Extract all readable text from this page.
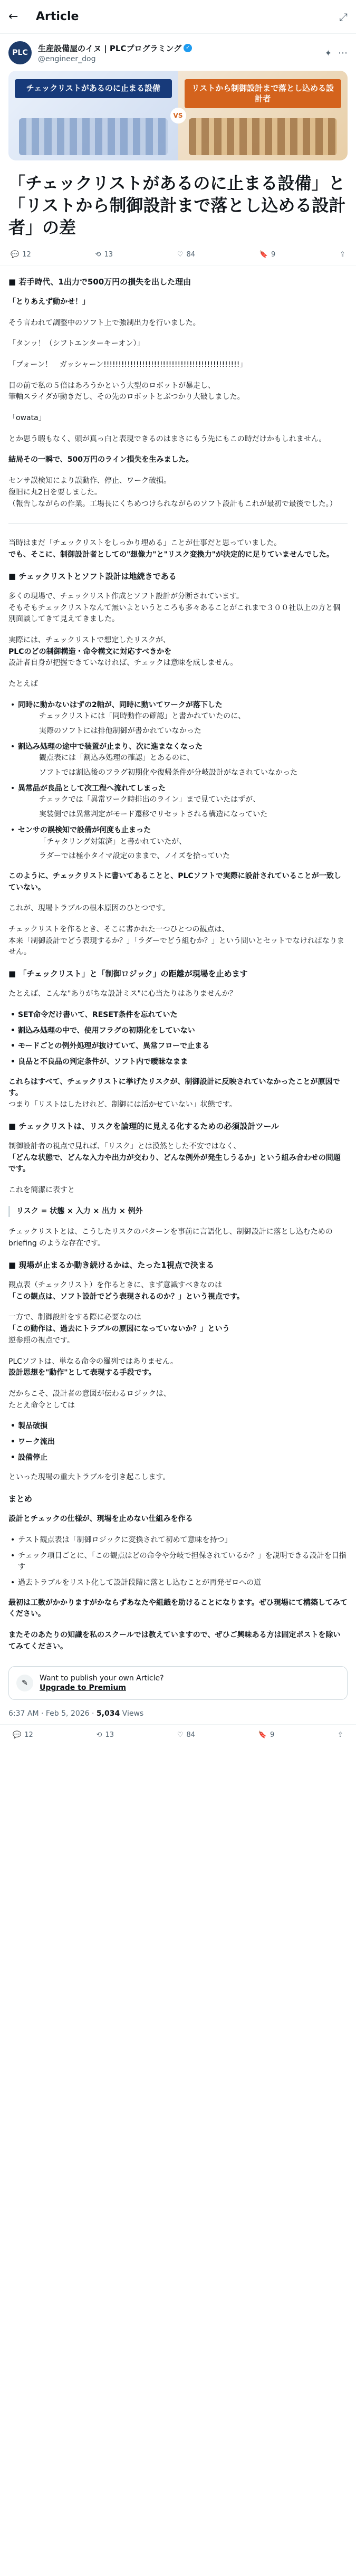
←	Article	⤢
PLC	生産設備屋のイヌ | PLCプログラミング ✓
@engineer_dog
✦ ⋯
チェックリストがあるのに止まる設備	リストから制御設計まで落とし込める設計者
VS
「チェックリストがあるのに止まる設備」と「リストから制御設計まで落とし込める設計者」の差
💬 12	⟲ 13	♡ 84	🔖 9	⇪
■ 若手時代、1出力で500万円の損失を出した理由

「とりあえず動かせ！」

そう言われて調整中のソフト上で強制出力を行いました。

「タンッ！（シフトエンターキーオン）」

「ブォーン！　ガッシャーン!!!!!!!!!!!!!!!!!!!!!!!!!!!!!!!!!!!!!!!!!!!!!!」

目の前で私の５倍はあろうかという大型のロボットが暴走し、
筆軸スライダが動きだし、その先のロボットとぶつかり大破しました。

「owata」

とか思う暇もなく、頭が真っ白と表現できるのはまさにもう先にもこの時だけかもしれません。

結局その一瞬で、500万円のライン損失を生みました。

センサ誤検知により誤動作、停止、ワーク破損。
復旧に丸2日を要しました。
（報告しながらの作業。工場長にくちめつけられながらのソフト設計もこれが最初で最後でした。）

当時はまだ「チェックリストをしっかり埋める」ことが仕事だと思っていました。
でも、そこに、制御設計者としての"想像力"と"リスク変換力"が決定的に足りていませんでした。

■ チェックリストとソフト設計は地続きである

多くの現場で、チェックリスト作成とソフト設計が分断されています。
そもそもチェックリストなんて無いよというところも多々あることがこれまで３００社以上の方と個別面談してきて見えてきました。

実際には、チェックリストで想定したリスクが、
PLCのどの制御構造・命令構文に対応すべきかを
設計者自身が把握できていなければ、チェックは意味を成しません。

たとえば

• 同時に動かないはずの2軸が、同時に動いてワークが落下した
チェックリストには「同時動作の確認」と書かれていたのに、
実際のソフトには排他制御が書かれていなかった
• 割込み処理の途中で装置が止まり、次に進まなくなった
観点表には「割込み処理の確認」とあるのに、
ソフトでは割込後のフラグ初期化や復帰条件が分岐設計がなされていなかった
• 異常品が良品として次工程へ流れてしまった
チェックでは「異常ワーク時排出のライン」まで見ていたはずが、
実装側では異常判定がモード遷移でリセットされる構造になっていた
• センサの誤検知で設備が何度も止まった
「チャタリング対策済」と書かれていたが、
ラダーでは極小タイマ設定のままで、ノイズを拾っていた

このように、チェックリストに書いてあることと、PLCソフトで実際に設計されていることが一致していない。

これが、現場トラブルの根本原因のひとつです。

チェックリストを作るとき、そこに書かれた一つひとつの観点は、
本来「制御設計でどう表現するか？」「ラダーでどう組むか？」という問いとセットでなければなりません。

■ 「チェックリスト」と「制御ロジック」の距離が現場を止めます

たとえば、こんな"ありがちな設計ミス"に心当たりはありませんか？

• SET命令だけ書いて、RESET条件を忘れていた
• 割込み処理の中で、使用フラグの初期化をしていない
• モードごとの例外処理が抜けていて、異常フローで止まる
• 良品と不良品の判定条件が、ソフト内で曖昧なまま

これらはすべて、チェックリストに挙げたリスクが、制御設計に反映されていなかったことが原因です。
つまり「リストはしたけれど、制御には活かせていない」状態です。

■ チェックリストは、リスクを論理的に見える化するための必須設計ツール

制御設計者の視点で見れば、「リスク」とは漠然とした不安ではなく、
「どんな状態で、どんな入力や出力が交わり、どんな例外が発生しうるか」という組み合わせの問題です。

これを簡潔に表すと

リスク = 状態 × 入力 × 出力 × 例外

チェックリストとは、こうしたリスクのパターンを事前に言語化し、制御設計に落とし込むための briefing のような存在です。

■ 現場が止まるか動き続けるかは、たった1視点で決まる

観点表（チェックリスト）を作るときに、まず意識すべきなのは
「この観点は、ソフト設計でどう表現されるのか？」という視点です。

一方で、制御設計をする際に必要なのは
「この動作は、過去にトラブルの原因になっていないか？」という
逆参照の視点です。

PLCソフトは、単なる命令の羅列ではありません。
設計思想を"動作"として表現する手段です。

だからこそ、設計者の意図が伝わるロジックは、
たとえ命令としては

• 製品破損
• ワーク流出
• 設備停止

といった現場の重大トラブルを引き起こします。

まとめ

設計とチェックの仕様が、現場を止めない仕組みを作る

• テスト観点表は「制御ロジックに変換されて初めて意味を持つ」
• チェック項目ごとに、「この観点はどの命令や分岐で担保されているか？」を説明できる設計を目指す
• 過去トラブルをリスト化して設計段階に落とし込むことが再発ゼロへの道

最初は工数がかかりますがかならずあなたや組織を助けることになります。ぜひ現場にて構築してみてください。

またそのあたりの知識を私のスクールでは教えていますので、ぜひご興味ある方は固定ポストを除いてみてください。

✎
Want to publish your own Article?
Upgrade to Premium
6:37 AM · Feb 5, 2026 · 5,034 Views
💬 12	⟲ 13	♡ 84	🔖 9	⇪
